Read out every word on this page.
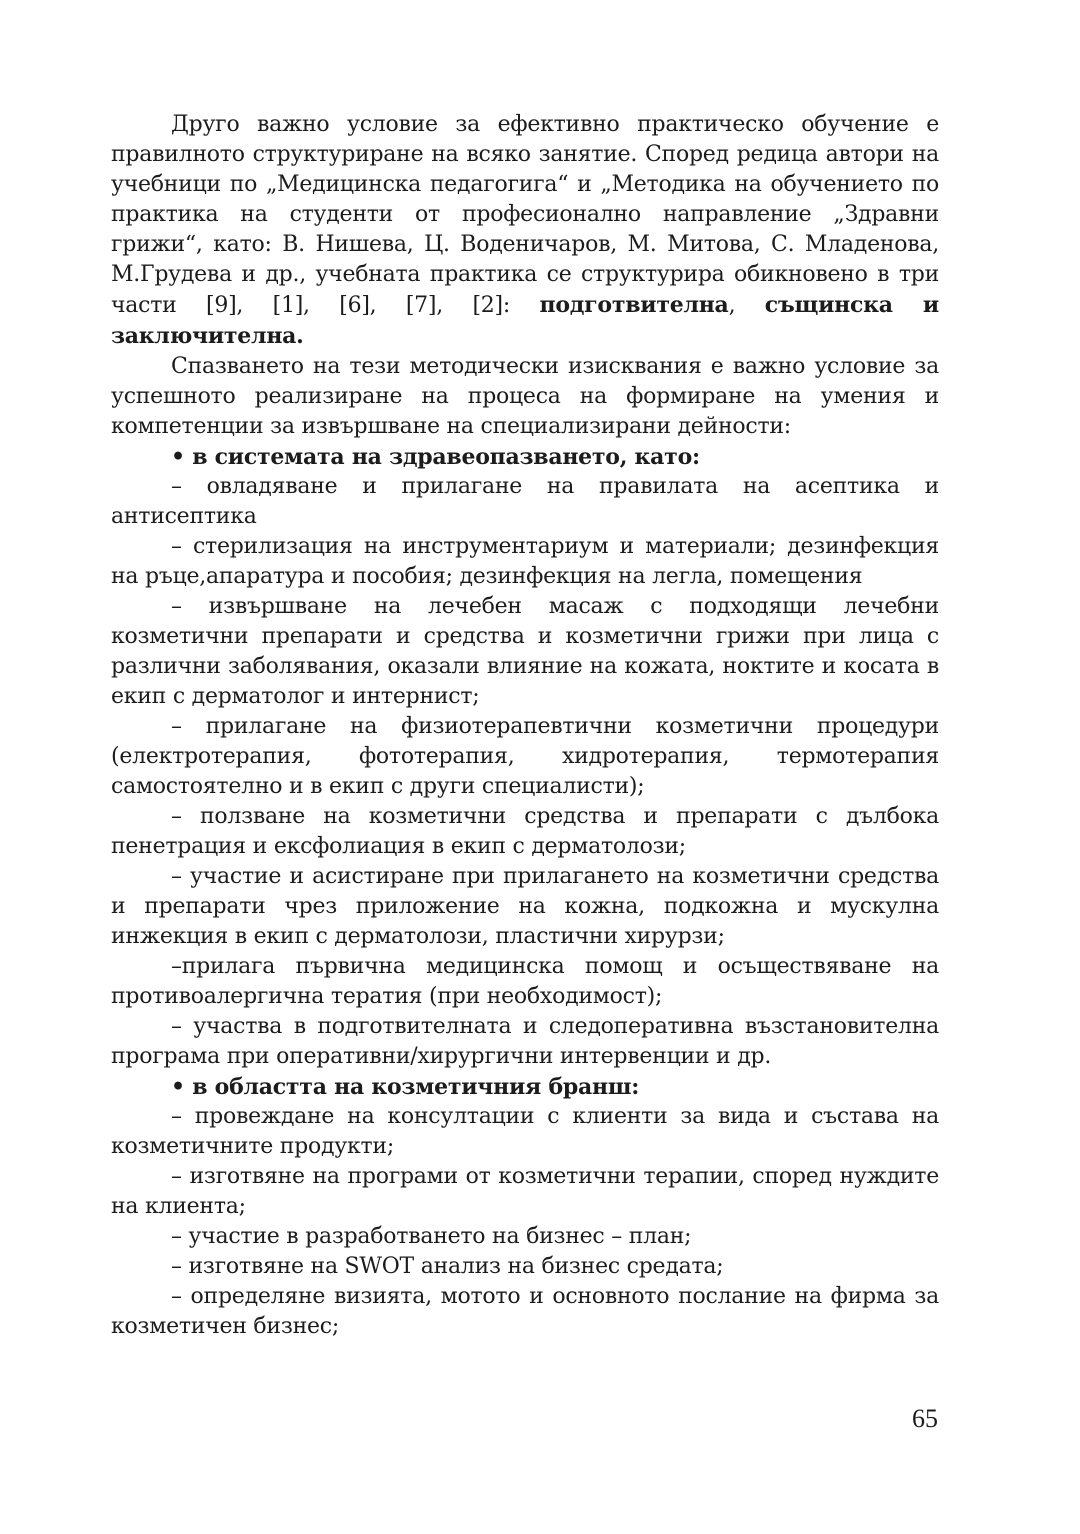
Друго важно условие за ефективно практическо обучение е правилното структуриране на всяко занятие. Според редица автори на учебници по „Медицинска педагогига“ и „Методика на обучението по практика на студенти от професионално направление „Здравни грижи“, като: В. Нишева, Ц. Воденичаров, М. Митова, С. Младенова, М.Грудева и др., учебната практика се структурира обикновено в три части [9], [1], [6], [7], [2]: подготвителна, същинска и заключителна.

Спазването на тези методически изисквания е важно условие за успешното реализиране на процеса на формиране на умения и компетенции за извършване на специализирани дейности:

• в системата на здравеопазването, като:

– овладяване и прилагане на правилата на асептика и антисептика

– стерилизация на инструментариум и материали; дезинфекция на ръце,апаратура и пособия; дезинфекция на легла, помещения

– извършване на лечебен масаж с подходящи лечебни козметични препарати и средства и козметични грижи при лица с различни заболявания, оказали влияние на кожата, ноктите и косата в екип с дерматолог и интернист;

– прилагане на физиотерапевтични козметични процедури (електротерапия, фототерапия, хидротерапия, термотерапия самостоятелно и в екип с други специалисти);

– ползване на козметични средства и препарати с дълбока пенетрация и ексфолиация в екип с дерматолози;

– участие и асистиране при прилагането на козметични средства и препарати чрез приложение на кожна, подкожна и мускулна инжекция в екип с дерматолози, пластични хирурзи;

–прилага първична медицинска помощ и осъществяване на противоалергична тератия (при необходимост);

– участва в подготвителната и следоперативна възстановителна програма при оперативни/хирургични интервенции и др.

• в областта на козметичния бранш:

– провеждане на консултации с клиенти за вида и състава на козметичните продукти;

– изготвяне на програми от козметични терапии, според нуждите на клиента;

– участие в разработването на бизнес – план;

– изготвяне на SWOT анализ на бизнес средата;

– определяне визията, мотото и основното послание на фирма за козметичен бизнес;

65
